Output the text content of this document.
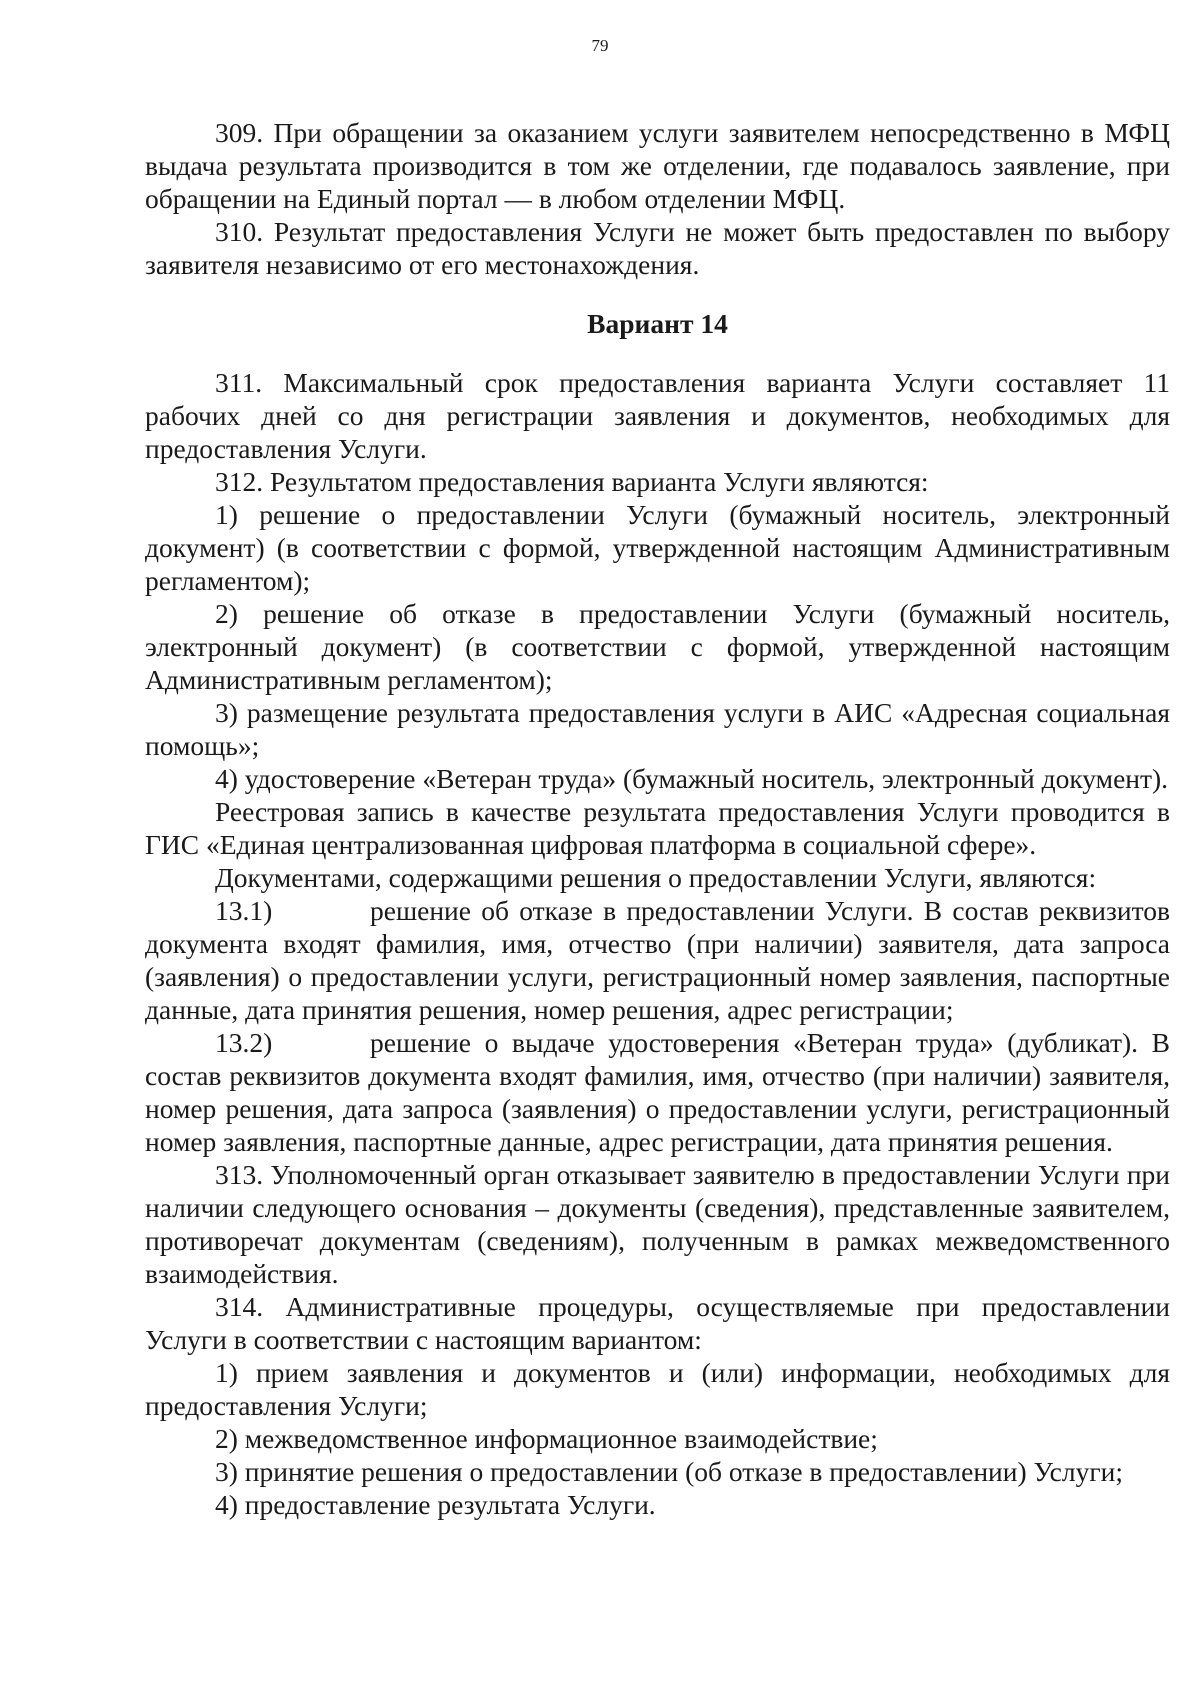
79

309. При обращении за оказанием услуги заявителем непосредственно в МФЦ выдача результата производится в том же отделении, где подавалось заявление, при обращении на Единый портал — в любом отделении МФЦ.

310. Результат предоставления Услуги не может быть предоставлен по выбору заявителя независимо от его местонахождения.

Вариант 14

311. Максимальный срок предоставления варианта Услуги составляет 11 рабочих дней со дня регистрации заявления и документов, необходимых для предоставления Услуги.

312. Результатом предоставления варианта Услуги являются:

1) решение о предоставлении Услуги (бумажный носитель, электронный документ) (в соответствии с формой, утвержденной настоящим Административным регламентом);

2) решение об отказе в предоставлении Услуги (бумажный носитель, электронный документ) (в соответствии с формой, утвержденной настоящим Административным регламентом);

3) размещение результата предоставления услуги в АИС «Адресная социальная помощь»;

4) удостоверение «Ветеран труда» (бумажный носитель, электронный документ).

Реестровая запись в качестве результата предоставления Услуги проводится в ГИС «Единая централизованная цифровая платформа в социальной сфере».

Документами, содержащими решения о предоставлении Услуги, являются:

13.1)	решение об отказе в предоставлении Услуги. В состав реквизитов документа входят фамилия, имя, отчество (при наличии) заявителя, дата запроса (заявления) о предоставлении услуги, регистрационный номер заявления, паспортные данные, дата принятия решения, номер решения, адрес регистрации;

13.2)	решение о выдаче удостоверения «Ветеран труда» (дубликат). В состав реквизитов документа входят фамилия, имя, отчество (при наличии) заявителя, номер решения, дата запроса (заявления) о предоставлении услуги, регистрационный номер заявления, паспортные данные, адрес регистрации, дата принятия решения.

313. Уполномоченный орган отказывает заявителю в предоставлении Услуги при наличии следующего основания – документы (сведения), представленные заявителем, противоречат документам (сведениям), полученным в рамках межведомственного взаимодействия.

314. Административные процедуры, осуществляемые при предоставлении Услуги в соответствии с настоящим вариантом:

1) прием заявления и документов и (или) информации, необходимых для предоставления Услуги;

2) межведомственное информационное взаимодействие;

3) принятие решения о предоставлении (об отказе в предоставлении) Услуги;

4) предоставление результата Услуги.
